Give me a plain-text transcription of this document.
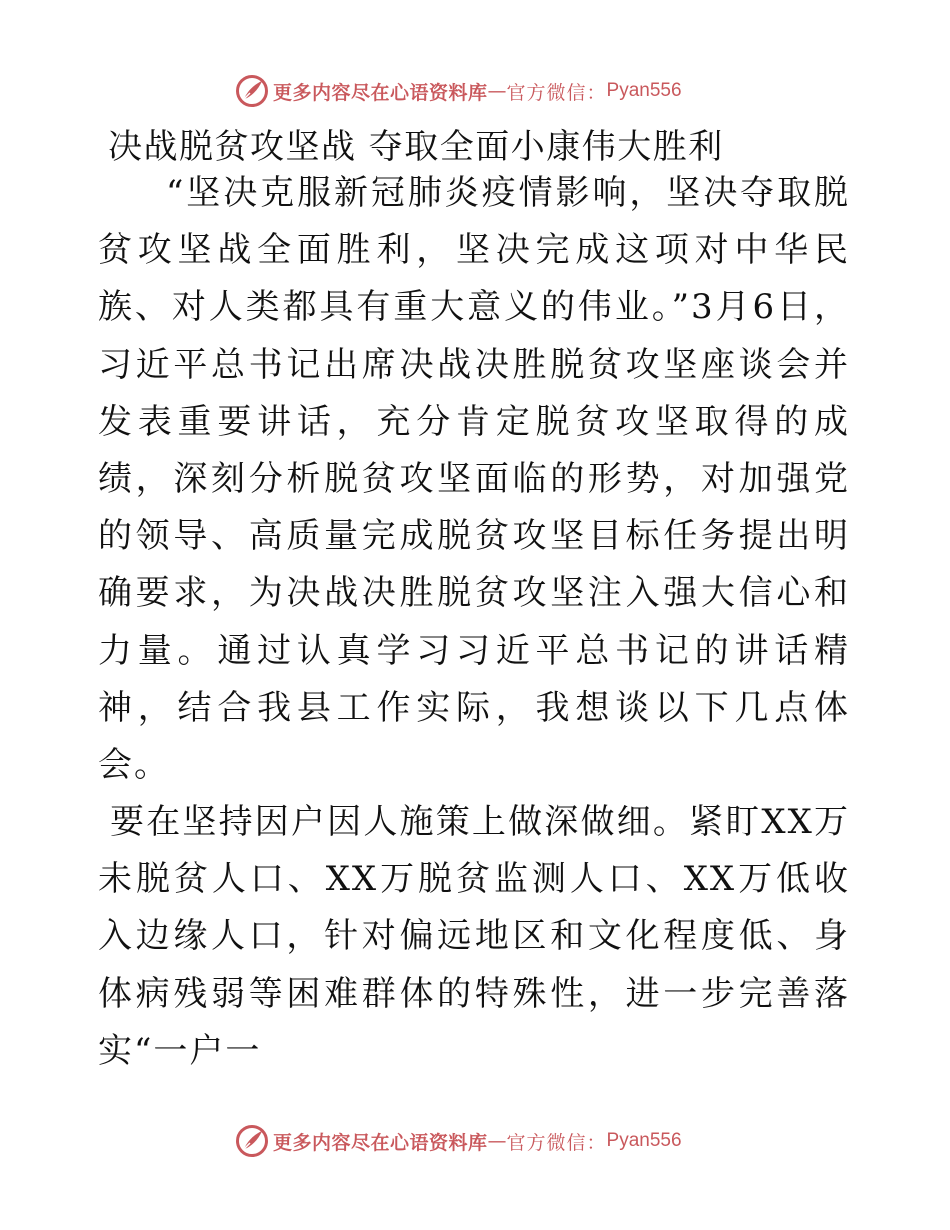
更多内容尽在心语资料库 — 官方微信： Pyan556
决战脱贫攻坚战 夺取全面小康伟大胜利

“坚决克服新冠肺炎疫情影响，坚决夺取脱贫攻坚战全面胜利，坚决完成这项对中华民族、对人类都具有重大意义的伟业。”3月6日，习近平总书记出席决战决胜脱贫攻坚座谈会并发表重要讲话，充分肯定脱贫攻坚取得的成绩，深刻分析脱贫攻坚面临的形势，对加强党的领导、高质量完成脱贫攻坚目标任务提出明确要求，为决战决胜脱贫攻坚注入强大信心和力量。通过认真学习习近平总书记的讲话精神，结合我县工作实际，我想谈以下几点体会。

要在坚持因户因人施策上做深做细。紧盯XX万未脱贫人口、XX万脱贫监测人口、XX万低收入边缘人口，针对偏远地区和文化程度低、身体病残弱等困难群体的特殊性，进一步完善落实“一户一

更多内容尽在心语资料库 — 官方微信： Pyan556
